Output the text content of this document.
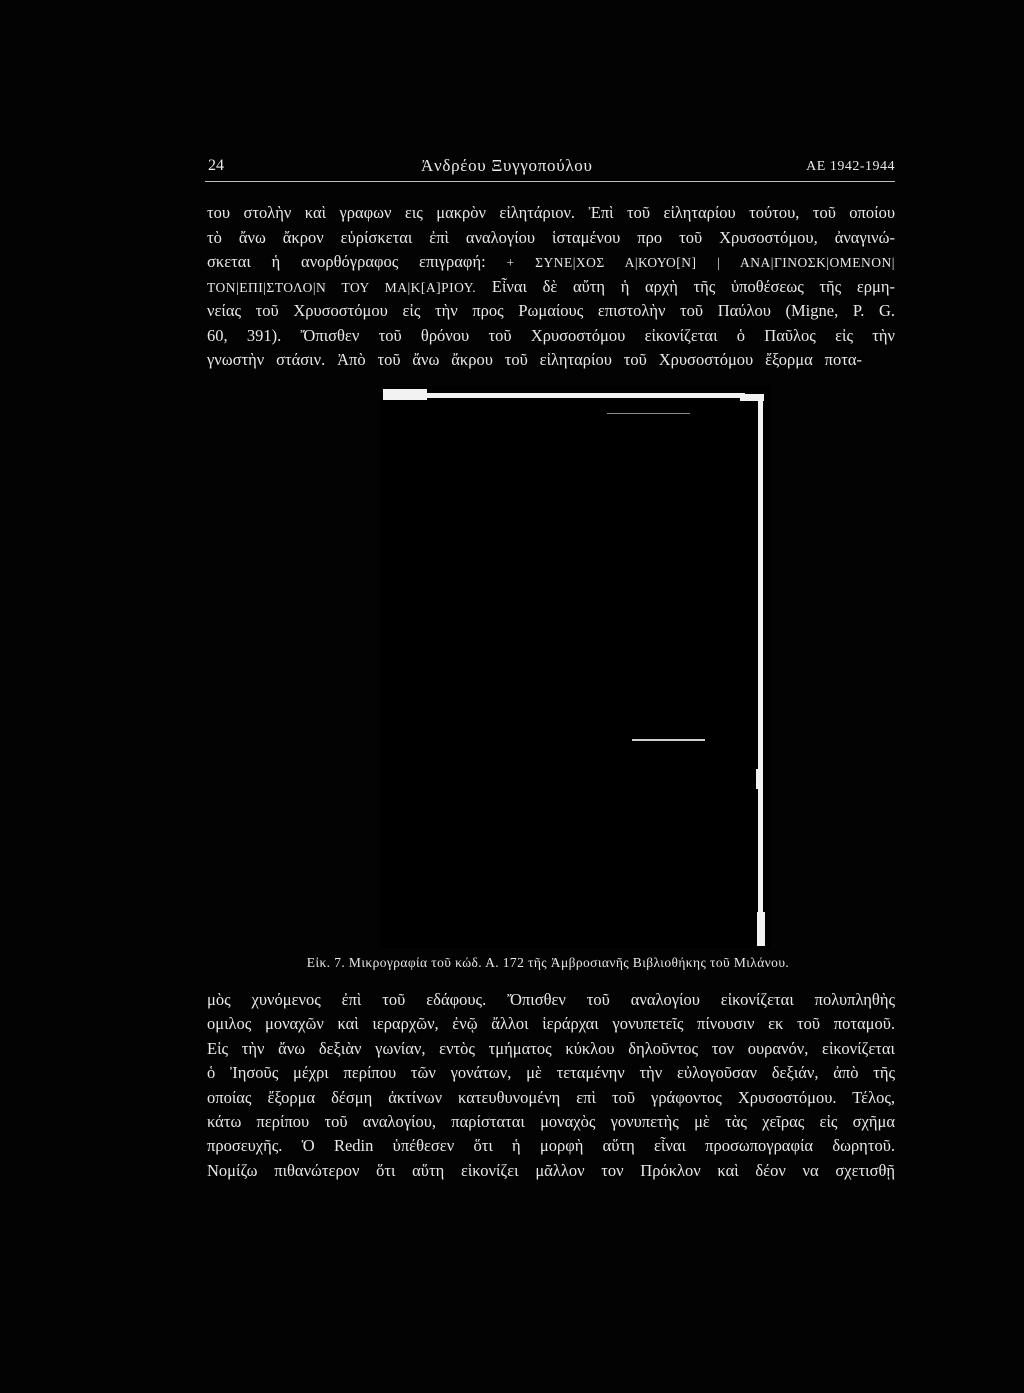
24	Ἀνδρέου Ξυγγοπούλου	ΑΕ 1942-1944
του στολὴν καὶ γραφων εις μακρὸν εἰλητάριον. Ἐπὶ τοῦ εἰληταρίου τούτου, τοῦ οποίου
τὸ ἄνω ἄκρον εὑρίσκεται ἐπὶ αναλογίου ἱσταμένου προ τοῦ Χρυσοστόμου, ἀναγινώ-
σκεται ἡ ανορθόγραφος επιγραφή: + ΣΥΝΕ|ΧΟΣ Α|ΚΟΥΟ[Ν] | ΑΝΑ|ΓΙΝΟΣΚ|ΟΜΕΝΟΝ|
ΤΟΝ|ΕΠΙ|ΣΤΟΛΟ|Ν ΤΟΥ ΜΑ|Κ[Α]ΡΙΟΥ. Εἶναι δὲ αὔτη ἡ αρχὴ τῆς ὑποθέσεως τῆς ερμη-
νείας τοῦ Χρυσοστόμου εἰς τὴν προς Ρωμαίους επιστολὴν τοῦ Παύλου (Migne, P. G.
60, 391). Ὄπισθεν τοῦ θρόνου τοῦ Χρυσοστόμου εἰκονίζεται ὁ Παῦλος εἰς τὴν
γνωστὴν στάσιν. Ἀπὸ τοῦ ἄνω ἄκρου τοῦ εἰληταρίου τοῦ Χρυσοστόμου ἔξορμα ποτα-
Εἰκ. 7. Μικρογραφία τοῦ κώδ. Α. 172 τῆς Ἀμβροσιανῆς Βιβλιοθήκης τοῦ Μιλάνου.
μὸς χυνόμενος ἐπὶ τοῦ εδάφους. Ὄπισθεν τοῦ αναλογίου εἰκονίζεται πολυπληθὴς
ομιλος μοναχῶν καὶ ιεραρχῶν, ἐνῷ ἄλλοι ἱεράρχαι γονυπετεῖς πίνουσιν εκ τοῦ ποταμοῦ.
Εἰς τὴν ἄνω δεξιὰν γωνίαν, εντὸς τμήματος κύκλου δηλοῦντος τον ουρανόν, εἰκονίζεται
ὁ Ἰησοῦς μέχρι περίπου τῶν γονάτων, μὲ τεταμένην τὴν εὐλογοῦσαν δεξιάν, ἀπὸ τῆς
οποίας ἔξορμα δέσμη ἀκτίνων κατευθυνομένη επὶ τοῦ γράφοντος Χρυσοστόμου. Τέλος,
κάτω περίπου τοῦ αναλογίου, παρίσταται μοναχὸς γονυπετὴς μὲ τὰς χεῖρας εἰς σχῆμα
προσευχῆς. Ὁ Redin ὑπέθεσεν ὅτι ἡ μορφὴ αὕτη εἶναι προσωπογραφία δωρητοῦ.
Νομίζω πιθανώτερον ὅτι αὕτη εἰκονίζει μᾶλλον τον Πρόκλον καὶ δέον να σχετισθῇ
